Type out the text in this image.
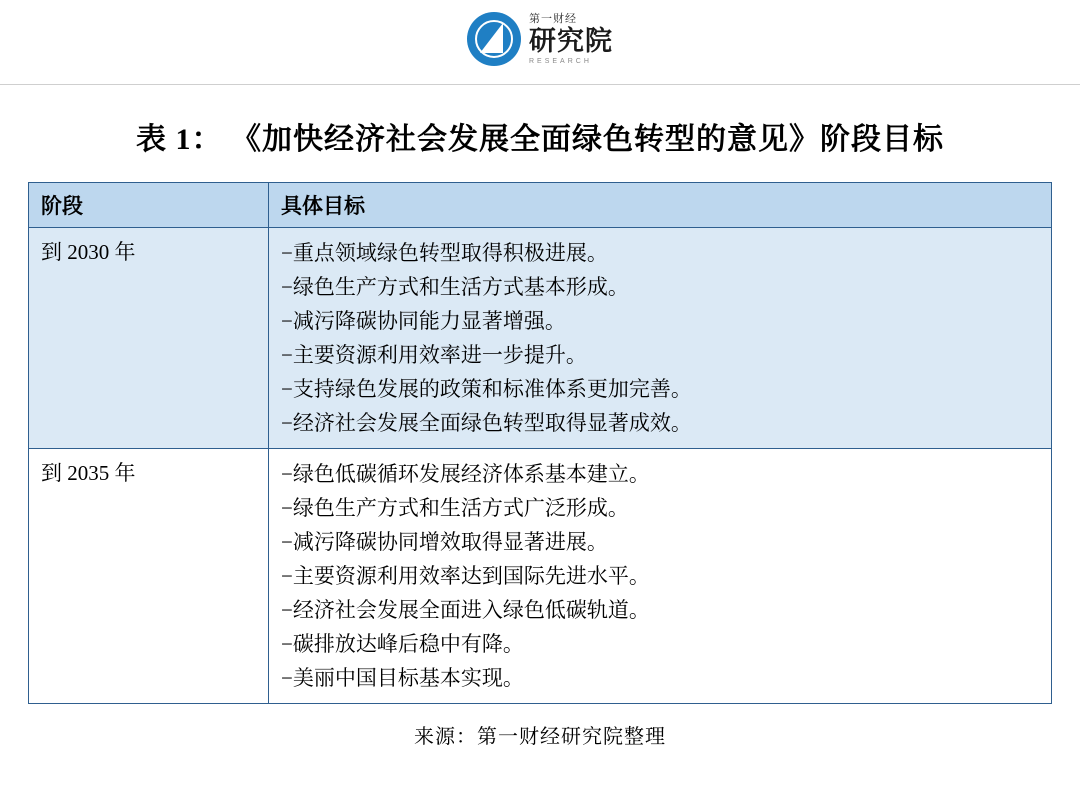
第一财经
研究院
RESEARCH
表 1： 《加快经济社会发展全面绿色转型的意见》阶段目标
阶段	具体目标
到 2030 年	−重点领域绿色转型取得积极进展。
−绿色生产方式和生活方式基本形成。
−减污降碳协同能力显著增强。
−主要资源利用效率进一步提升。
−支持绿色发展的政策和标准体系更加完善。
−经济社会发展全面绿色转型取得显著成效。

到 2035 年	−绿色低碳循环发展经济体系基本建立。
−绿色生产方式和生活方式广泛形成。
−减污降碳协同增效取得显著进展。
−主要资源利用效率达到国际先进水平。
−经济社会发展全面进入绿色低碳轨道。
−碳排放达峰后稳中有降。
−美丽中国目标基本实现。
来源：第一财经研究院整理
